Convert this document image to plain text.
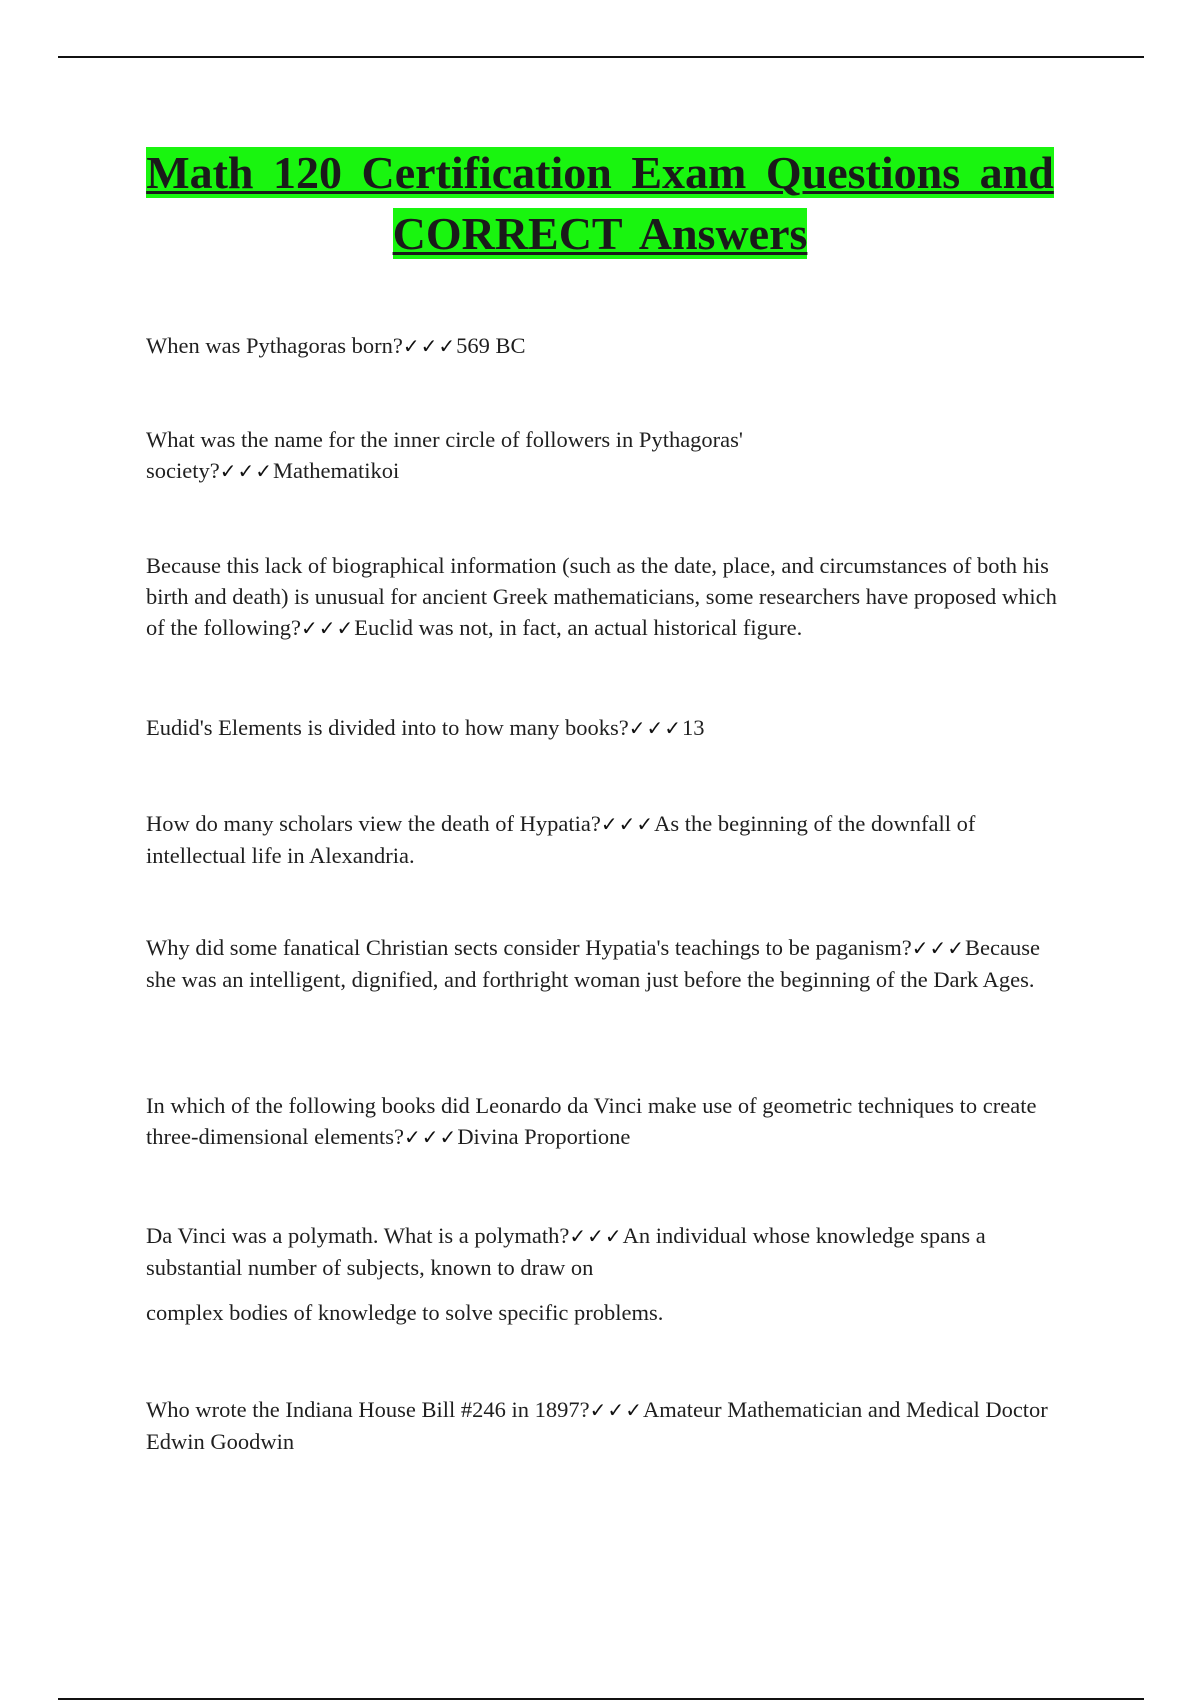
Math 120 Certification Exam Questions and CORRECT Answers

When was Pythagoras born?✓✓✓569 BC

What was the name for the inner circle of followers in Pythagoras' society?✓✓✓Mathematikoi

Because this lack of biographical information (such as the date, place, and circumstances of both his birth and death) is unusual for ancient Greek mathematicians, some researchers have proposed which of the following?✓✓✓Euclid was not, in fact, an actual historical figure.

Eudid's Elements is divided into to how many books?✓✓✓13

How do many scholars view the death of Hypatia?✓✓✓As the beginning of the downfall of intellectual life in Alexandria.

Why did some fanatical Christian sects consider Hypatia's teachings to be paganism?✓✓✓Because she was an intelligent, dignified, and forthright woman just before the beginning of the Dark Ages.

In which of the following books did Leonardo da Vinci make use of geometric techniques to create three-dimensional elements?✓✓✓Divina Proportione

Da Vinci was a polymath. What is a polymath?✓✓✓An individual whose knowledge spans a substantial number of subjects, known to draw on
complex bodies of knowledge to solve specific problems.

Who wrote the Indiana House Bill #246 in 1897?✓✓✓Amateur Mathematician and Medical Doctor Edwin Goodwin
